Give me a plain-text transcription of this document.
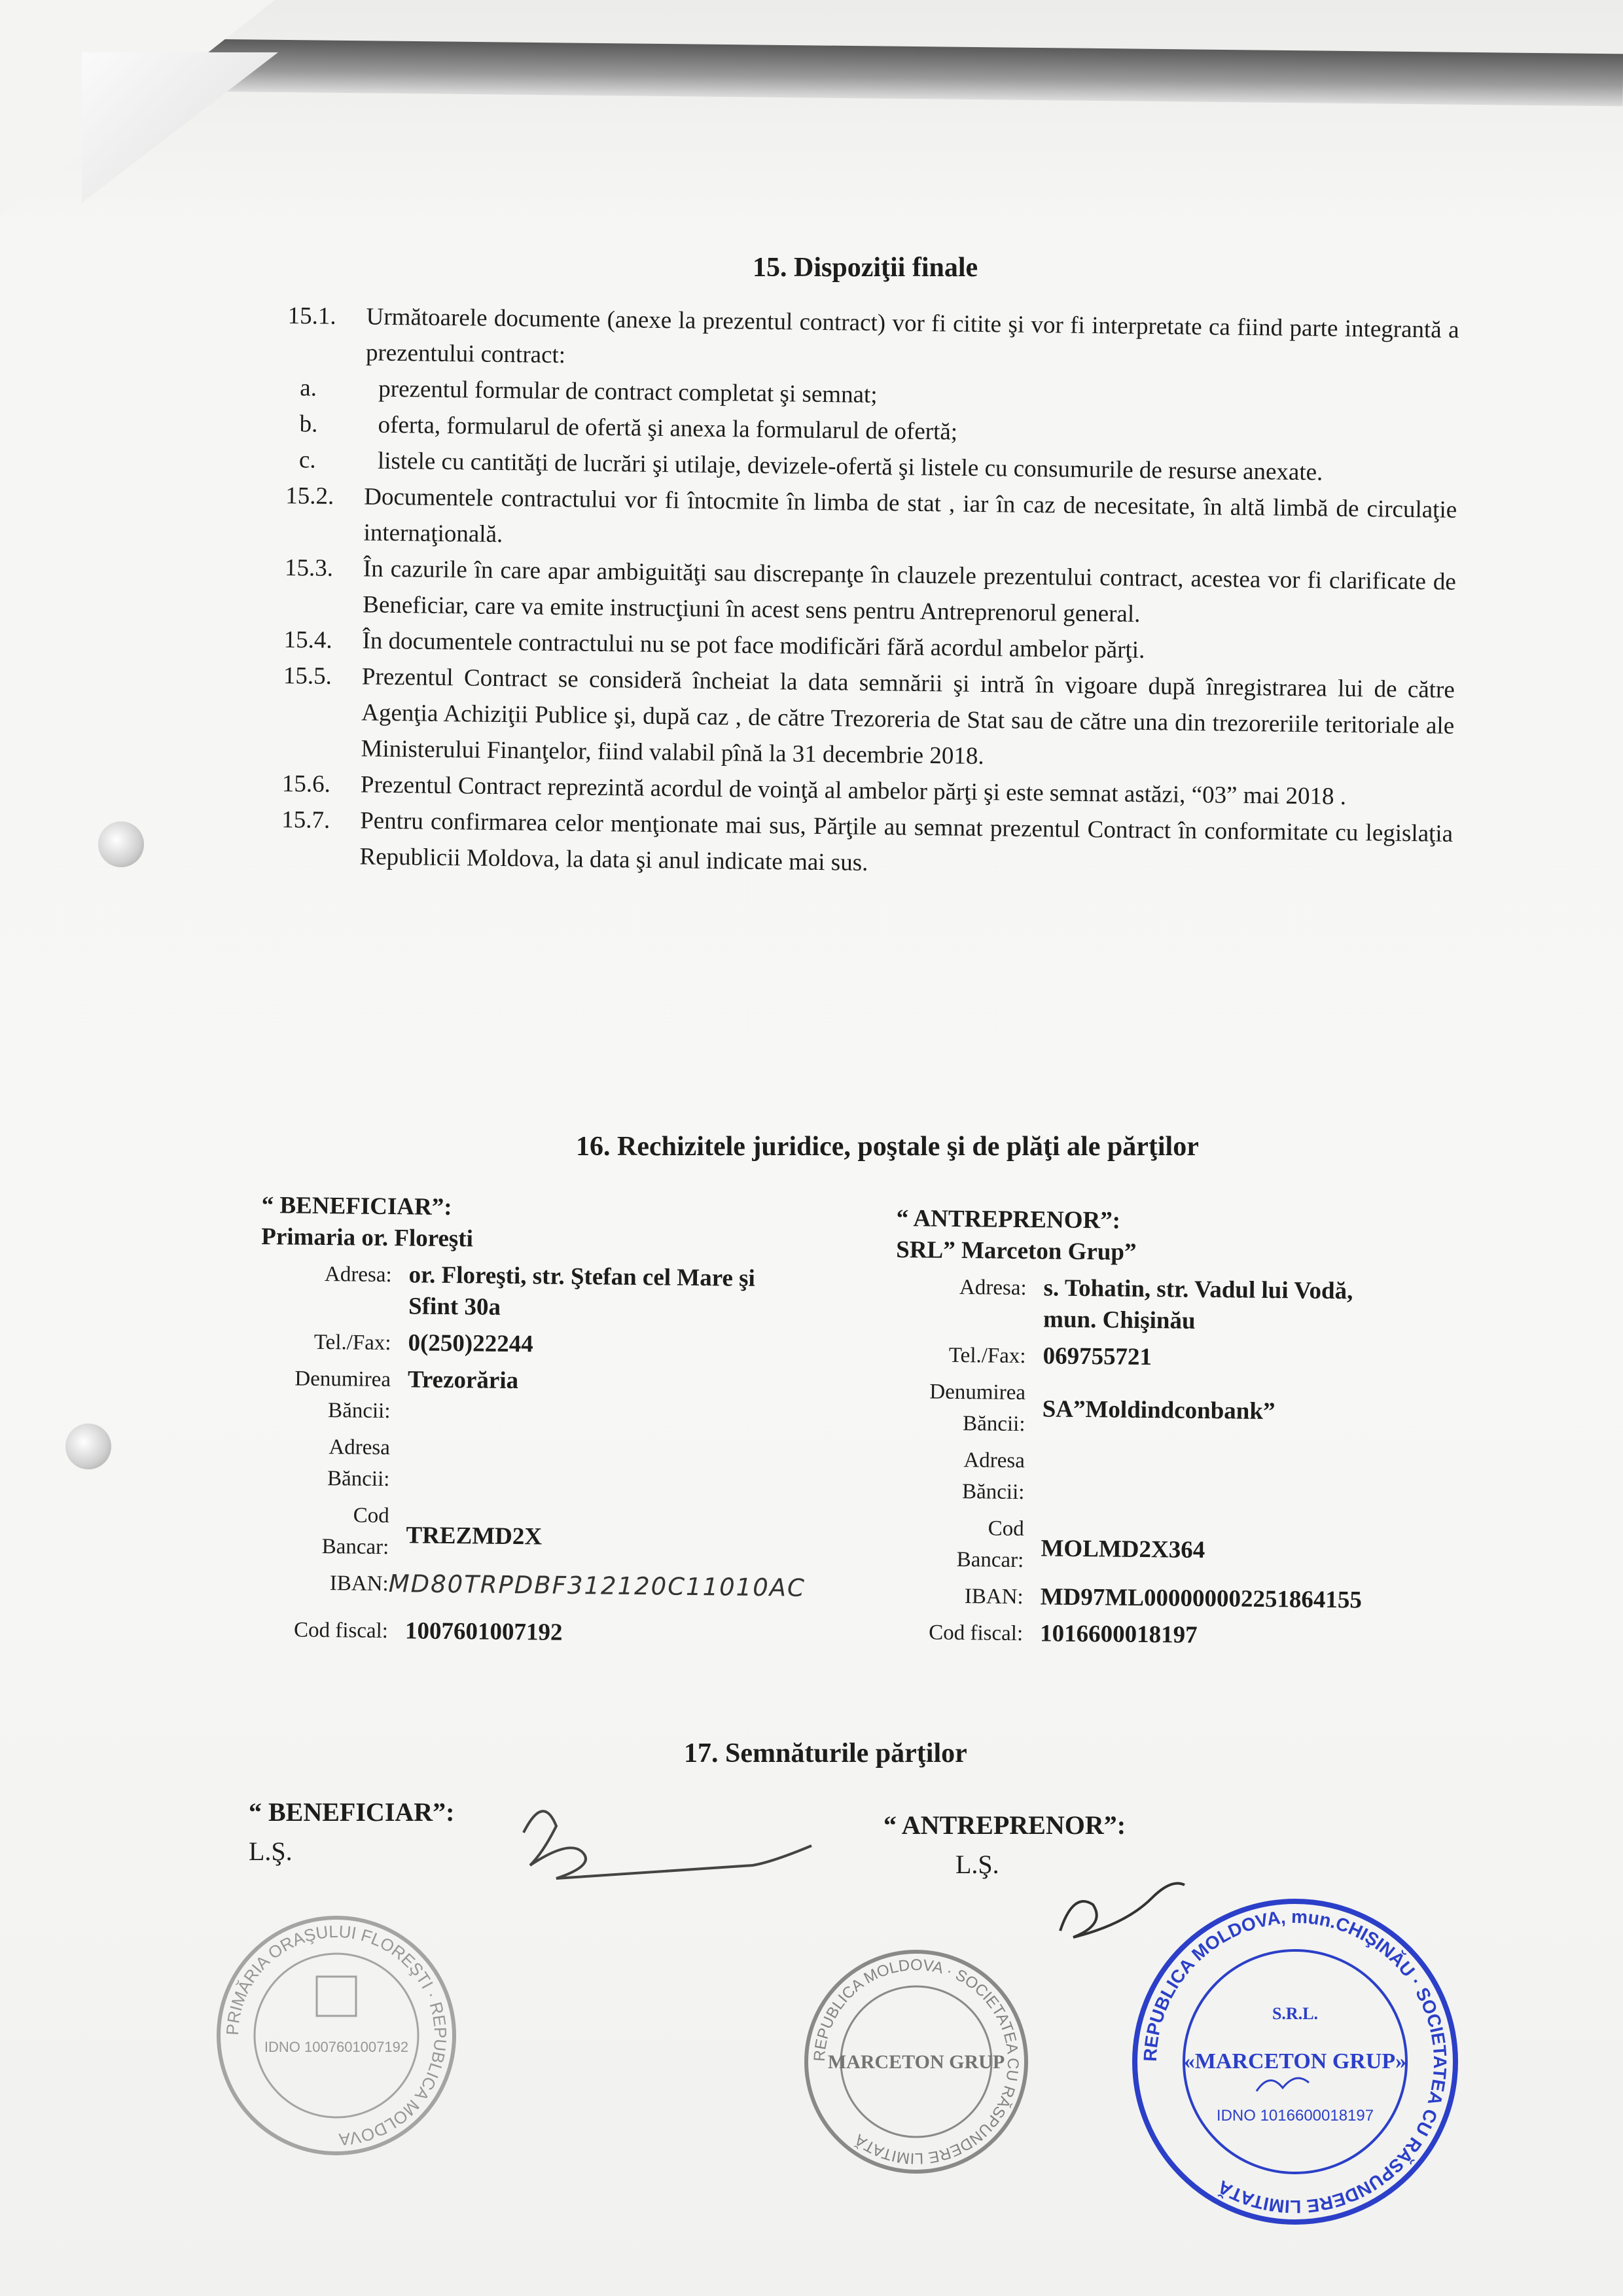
15. Dispoziţii finale
15.1.	Următoarele documente (anexe la prezentul contract) vor fi citite şi vor fi interpretate ca fiind parte integrantă a prezentului contract:
a.	prezentul formular de contract completat şi semnat;
b.	oferta, formularul de ofertă şi anexa la formularul de ofertă;
c.	listele cu cantităţi de lucrări şi utilaje, devizele-ofertă şi listele cu consumurile de resurse anexate.
15.2.	Documentele contractului vor fi întocmite în limba de stat , iar în caz de necesitate, în altă limbă de circulaţie internaţională.
15.3.	În cazurile în care apar ambiguităţi sau discrepanţe în clauzele prezentului contract, acestea vor fi clarificate de Beneficiar, care va emite instrucţiuni în acest sens pentru Antreprenorul general.
15.4.	În documentele contractului nu se pot face modificări fără acordul ambelor părţi.
15.5.	Prezentul Contract se consideră încheiat la data semnării şi intră în vigoare după înregistrarea lui de către Agenţia Achiziţii Publice şi, după caz , de către Trezoreria de Stat sau de către una din trezoreriile teritoriale ale Ministerului Finanţelor, fiind valabil pînă la 31 decembrie 2018.
15.6.	Prezentul Contract reprezintă acordul de voinţă al ambelor părţi şi este semnat astăzi, “03” mai 2018 .
15.7.	Pentru confirmarea celor menţionate mai sus, Părţile au semnat prezentul Contract în conformitate cu legislaţia Republicii Moldova, la data şi anul indicate mai sus.
16. Rechizitele juridice, poştale şi de plăţi ale părţilor
“ BENEFICIAR”:
Primaria or. Floreşti
Adresa: or. Floreşti, str. Ştefan cel Mare şi Sfint 30a
Tel./Fax: 0(250)22244
Denumirea Băncii:
Trezorăria
Adresa Băncii:
Cod Bancar: TREZMD2X
IBAN: MD80TRPDBF312120C11010AC
Cod fiscal: 1007601007192
“ ANTREPRENOR”:
SRL” Marceton Grup”
Adresa: s. Tohatin, str. Vadul lui Vodă, mun. Chişinău
Tel./Fax: 069755721
Denumirea Băncii: SA”Moldindconbank”
Adresa Băncii:
Cod Bancar: MOLMD2X364
IBAN: MD97ML000000002251864155
Cod fiscal: 1016600018197
17. Semnăturile părţilor
“ BENEFICIAR”:
L.Ş.
“ ANTREPRENOR”:
L.Ş.
PRIMĂRIA ORAŞULUI FLOREŞTI · REPUBLICA MOLDOVA
IDNO 1007601007192
REPUBLICA MOLDOVA · SOCIETATEA CU RĂSPUNDERE LIMITATĂ
MARCETON GRUP	REPUBLICA MOLDOVA, mun.CHIŞINĂU · SOCIETATEA CU RĂSPUNDERE LIMITATĂ
S.R.L.
«MARCETON GRUP»
IDNO 1016600018197
